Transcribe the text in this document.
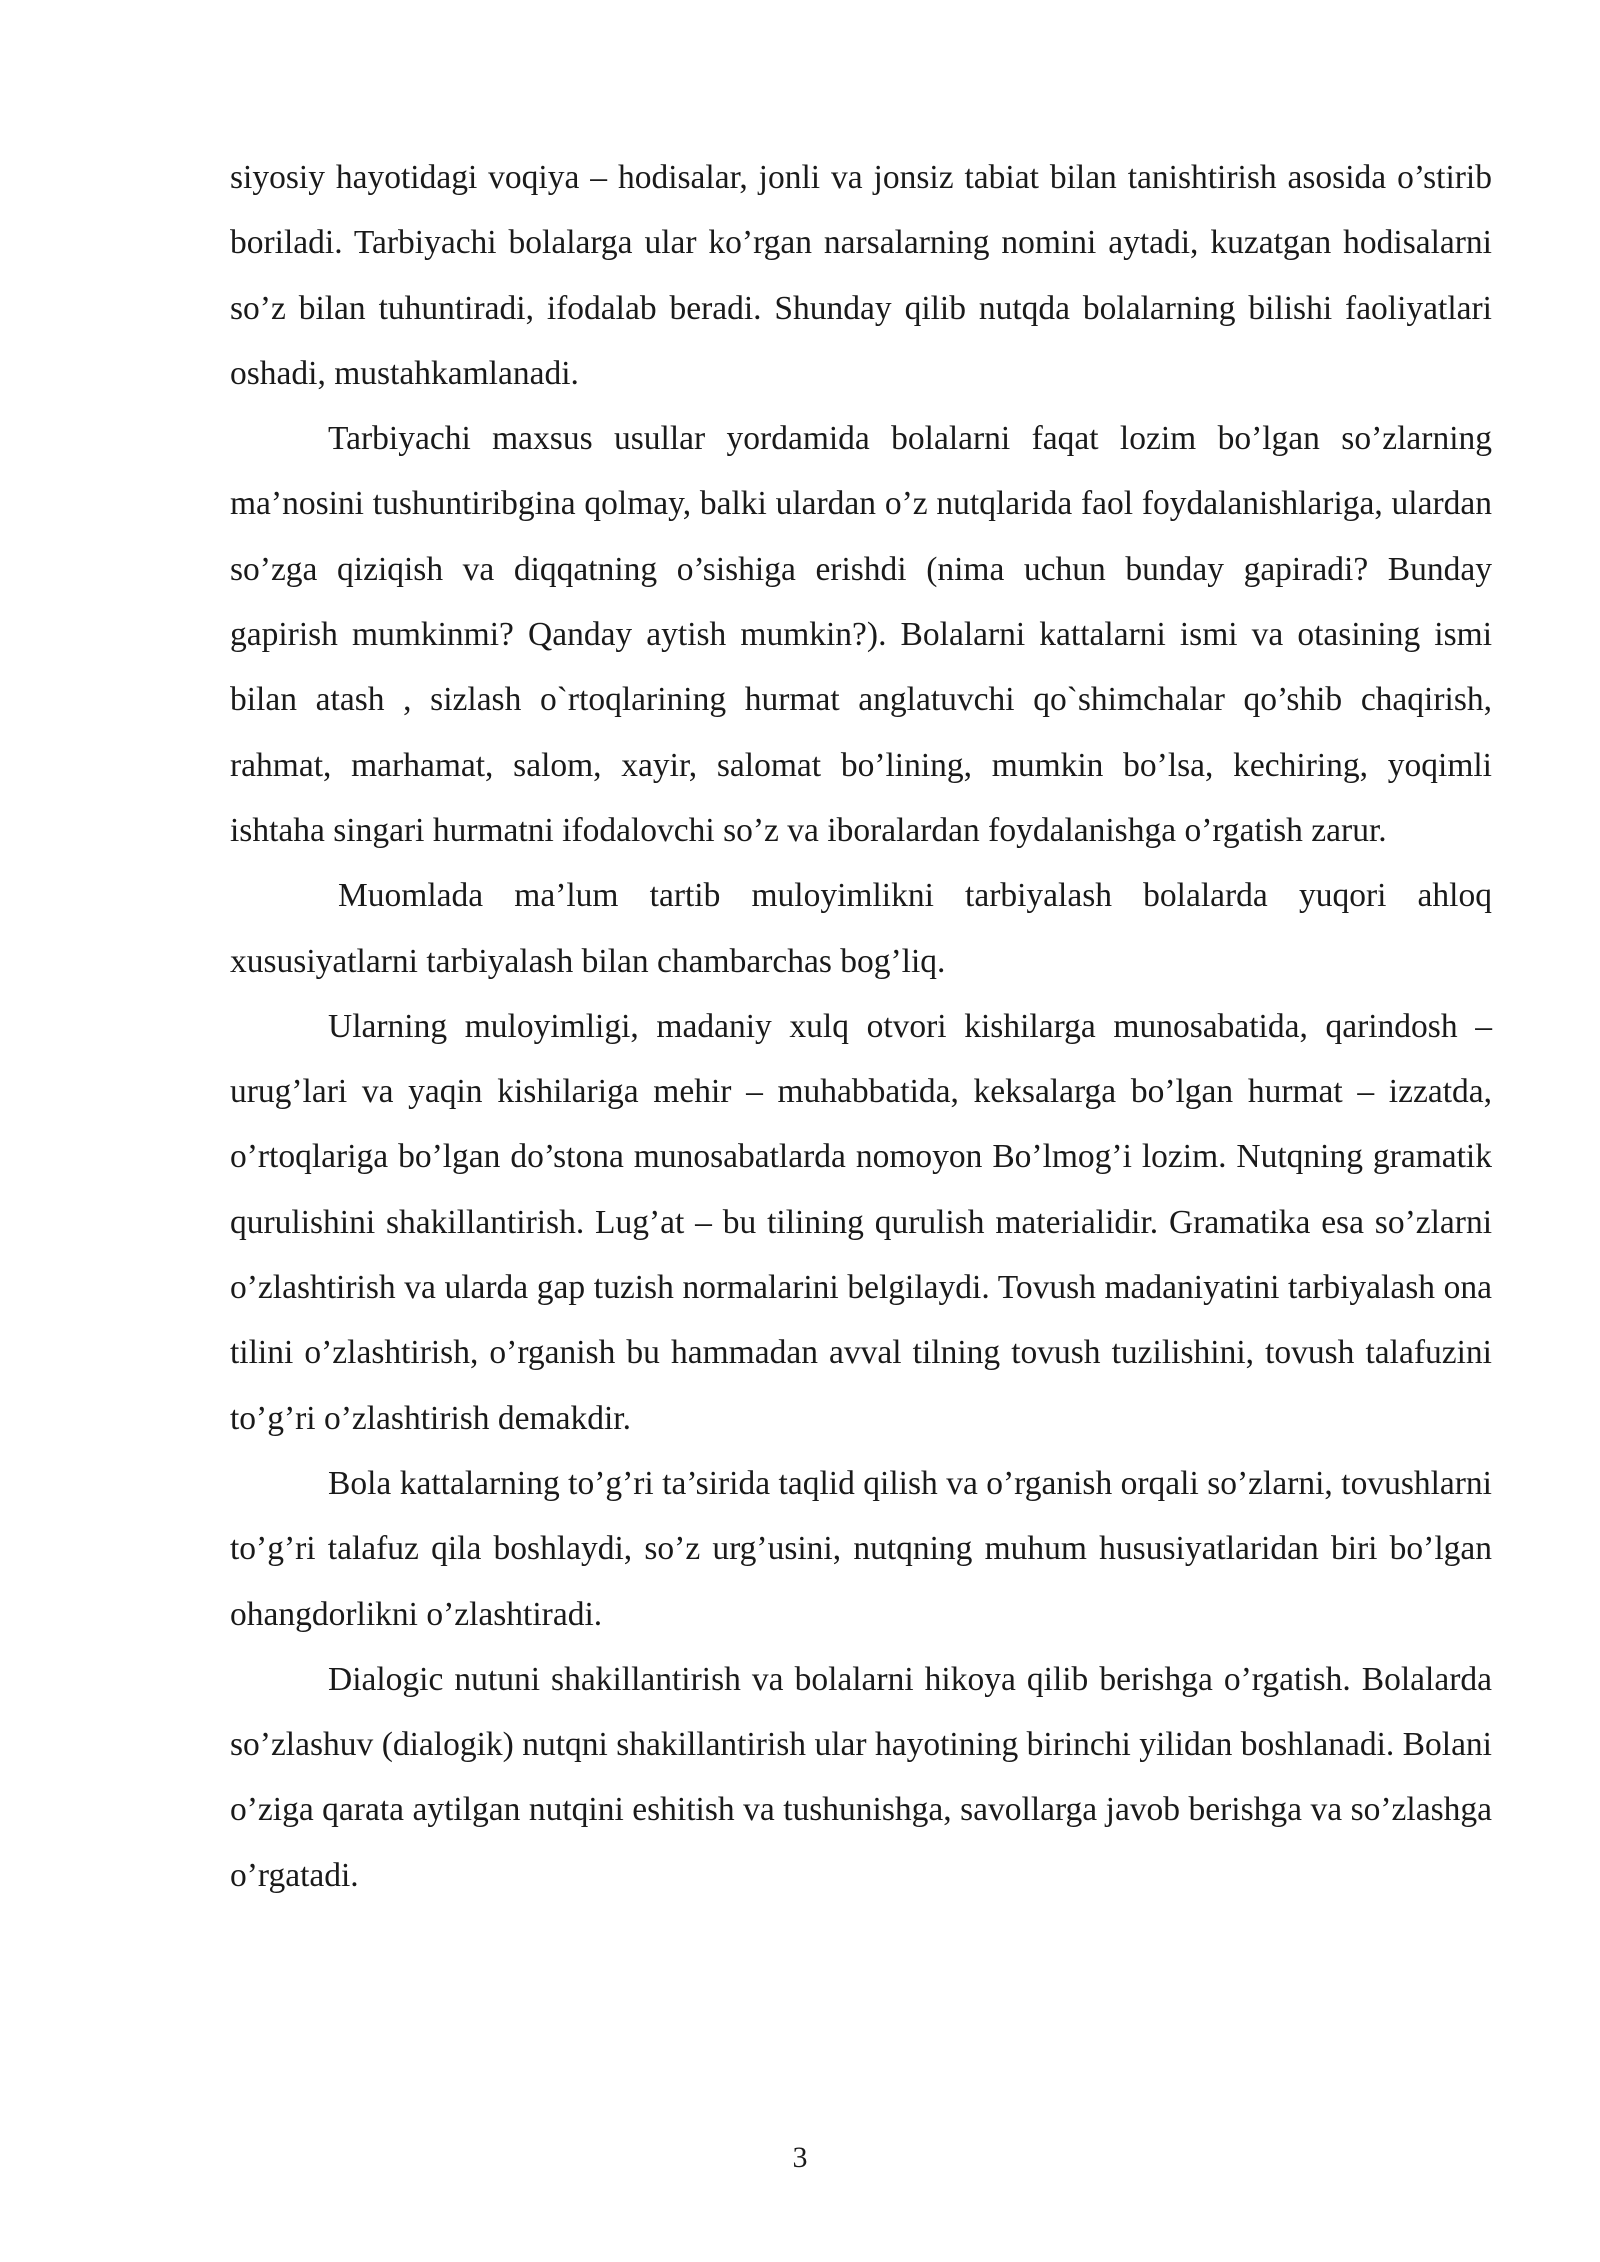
siyosiy hayotidagi voqiya – hodisalar, jonli va jonsiz tabiat bilan tanishtirish asosida o’stirib boriladi. Tarbiyachi bolalarga ular ko’rgan narsalarning nomini aytadi, kuzatgan hodisalarni so’z bilan tuhuntiradi, ifodalab beradi. Shunday qilib nutqda bolalarning bilishi faoliyatlari oshadi, mustahkamlanadi.

Tarbiyachi maxsus usullar yordamida bolalarni faqat lozim bo’lgan so’zlarning ma’nosini tushuntiribgina qolmay, balki ulardan o’z nutqlarida faol foydalanishlariga, ulardan so’zga qiziqish va diqqatning o’sishiga erishdi (nima uchun bunday gapiradi? Bunday gapirish mumkinmi? Qanday aytish mumkin?). Bolalarni kattalarni ismi va otasining ismi bilan atash , sizlash o`rtoqlarining hurmat anglatuvchi qo`shimchalar qo’shib chaqirish, rahmat, marhamat, salom, xayir, salomat bo’lining, mumkin bo’lsa, kechiring, yoqimli ishtaha singari hurmatni ifodalovchi so’z va iboralardan foydalanishga o’rgatish zarur.

Muomlada ma’lum tartib muloyimlikni tarbiyalash bolalarda yuqori ahloq xususiyatlarni tarbiyalash bilan chambarchas bog’liq.

Ularning muloyimligi, madaniy xulq otvori kishilarga munosabatida, qarindosh – urug’lari va yaqin kishilariga mehir – muhabbatida, keksalarga bo’lgan hurmat – izzatda, o’rtoqlariga bo’lgan do’stona munosabatlarda nomoyon Bo’lmog’i lozim. Nutqning gramatik qurulishini shakillantirish. Lug’at – bu tilining qurulish materialidir. Gramatika esa so’zlarni o’zlashtirish va ularda gap tuzish normalarini belgilaydi. Tovush madaniyatini tarbiyalash ona tilini o’zlashtirish, o’rganish bu hammadan avval tilning tovush tuzilishini, tovush talafuzini to’g’ri o’zlashtirish demakdir.

Bola kattalarning to’g’ri ta’sirida taqlid qilish va o’rganish orqali so’zlarni, tovushlarni to’g’ri talafuz qila boshlaydi, so’z urg’usini, nutqning muhum hususiyatlaridan biri bo’lgan ohangdorlikni o’zlashtiradi.

Dialogic nutuni shakillantirish va bolalarni hikoya qilib berishga o’rgatish. Bolalarda so’zlashuv (dialogik) nutqni shakillantirish ular hayotining birinchi yilidan boshlanadi. Bolani o’ziga qarata aytilgan nutqini eshitish va tushunishga, savollarga javob berishga va so’zlashga o’rgatadi.

3
